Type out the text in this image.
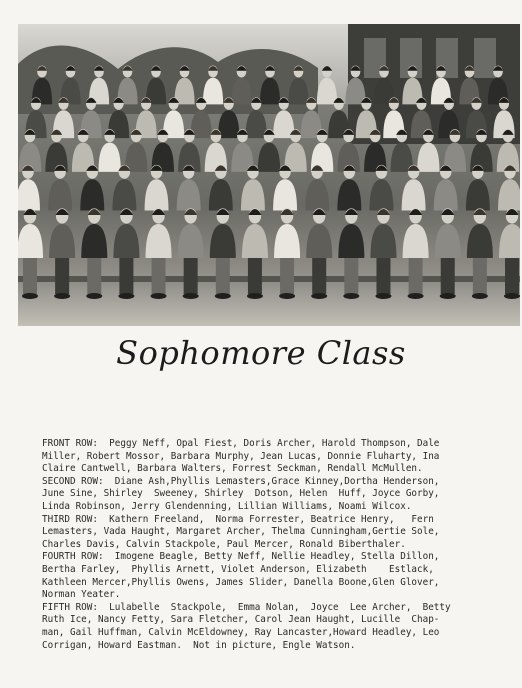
Sophomore Class
FRONT ROW:  Peggy Neff, Opal Fiest, Doris Archer, Harold Thompson, Dale
Miller, Robert Mossor, Barbara Murphy, Jean Lucas, Donnie Fluharty, Ina
Claire Cantwell, Barbara Walters, Forrest Seckman, Rendall McMullen.
SECOND ROW:  Diane Ash,Phyllis Lemasters,Grace Kinney,Dortha Henderson,
June Sine, Shirley  Sweeney, Shirley  Dotson, Helen  Huff, Joyce Gorby,
Linda Robinson, Jerry Glendenning, Lillian Williams, Noami Wilcox.
THIRD ROW:  Kathern Freeland,  Norma Forrester, Beatrice Henry,   Fern
Lemasters, Vada Haught, Margaret Archer, Thelma Cunningham,Gertie Sole,
Charles Davis, Calvin Stackpole, Paul Mercer, Ronald Biberthaler.
FOURTH ROW:  Imogene Beagle, Betty Neff, Nellie Headley, Stella Dillon,
Bertha Farley,  Phyllis Arnett, Violet Anderson, Elizabeth    Estlack,
Kathleen Mercer,Phyllis Owens, James Slider, Danella Boone,Glen Glover,
Norman Yeater.
FIFTH ROW:  Lulabelle  Stackpole,  Emma Nolan,  Joyce  Lee Archer,  Betty
Ruth Ice, Nancy Fetty, Sara Fletcher, Carol Jean Haught, Lucille  Chap-
man, Gail Huffman, Calvin McEldowney, Ray Lancaster,Howard Headley, Leo
Corrigan, Howard Eastman.  Not in picture, Engle Watson.
